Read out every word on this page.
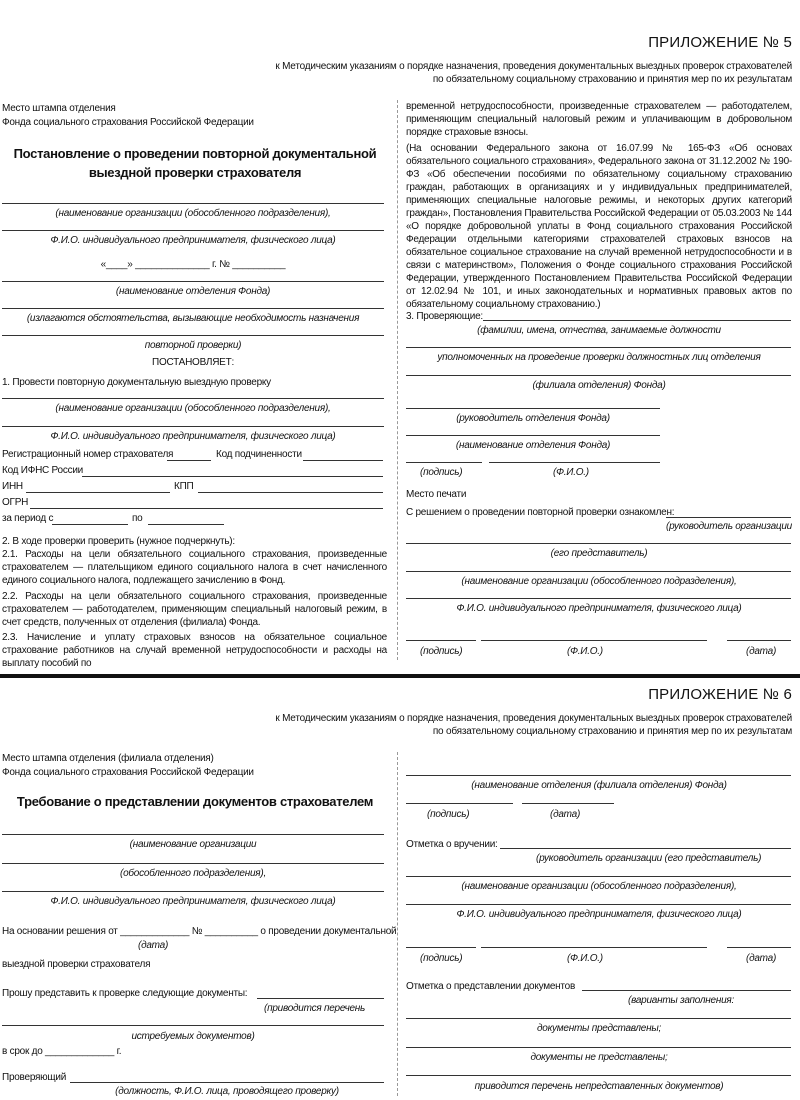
ПРИЛОЖЕНИЕ № 5
к Методическим указаниям о порядке назначения, проведения документальных выездных проверок страхователей
по обязательному социальному страхованию и принятия мер по их результатам
Место штампа отделения
Фонда социального страхования Российской Федерации
Постановление о проведении повторной документальной
выездной проверки страхователя
(наименование организации (обособленного подразделения),
Ф.И.О. индивидуального предпринимателя, физического лица)
«____» ______________ г. № __________
(наименование отделения Фонда)
(излагаются обстоятельства, вызывающие необходимость назначения
повторной проверки)
ПОСТАНОВЛЯЕТ:
1. Провести повторную документальную выездную проверку
(наименование организации (обособленного подразделения),
Ф.И.О. индивидуального предпринимателя, физического лица)
Регистрационный номер страхователя	Код подчиненности
Код ИФНС России
ИНН	КПП
ОГРН
за период с	по
2. В ходе проверки проверить (нужное подчеркнуть):
2.1. Расходы на цели обязательного социального страхования, произведенные страхователем — плательщиком единого социального налога в счет начисленного единого социального налога, подлежащего зачислению в Фонд.
2.2. Расходы на цели обязательного социального страхования, произведенные страхователем — работодателем, применяющим специальный налоговый режим, в счет средств, полученных от отделения (филиала) Фонда.
2.3. Начисление и уплату страховых взносов на обязательное социальное страхование работников на случай временной нетрудоспособности и расходы на выплату пособий по
временной нетрудоспособности, произведенные страхователем — работодателем, применяющим специальный налоговый режим и уплачивающим в добровольном порядке страховые взносы.
(На основании Федерального закона от 16.07.99 № 165-ФЗ «Об основах обязательного социального страхования», Федерального закона от 31.12.2002 № 190-ФЗ «Об обеспечении пособиями по обязательному социальному страхованию граждан, работающих в организациях и у индивидуальных предпринимателей, применяющих специальные налоговые режимы, и некоторых других категорий граждан», Постановления Правительства Российской Федерации от 05.03.2003 № 144 «О порядке добровольной уплаты в Фонд социального страхования Российской Федерации отдельными категориями страхователей страховых взносов на обязательное социальное страхование на случай временной нетрудоспособности и в связи с материнством», Положения о Фонде социального страхования Российской Федерации, утвержденного Постановлением Правительства Российской Федерации от 12.02.94 № 101, и иных законодательных и нормативных правовых актов по обязательному социальному страхованию.)
3. Проверяющие:
(фамилии, имена, отчества, занимаемые должности
уполномоченных на проведение проверки должностных лиц отделения
(филиала отделения) Фонда)
(руководитель отделения Фонда)
(наименование отделения Фонда)
(подпись)	(Ф.И.О.)
Место печати
С решением о проведении повторной проверки ознакомлен:
(руководитель организации
(его представитель)
(наименование организации (обособленного подразделения),
Ф.И.О. индивидуального предпринимателя, физического лица)
(подпись)	(Ф.И.О.)	(дата)
ПРИЛОЖЕНИЕ № 6
к Методическим указаниям о порядке назначения, проведения документальных выездных проверок страхователей
по обязательному социальному страхованию и принятия мер по их результатам
Место штампа отделения (филиала отделения)
Фонда социального страхования Российской Федерации
Требование о представлении документов страхователем
(наименование организации
(обособленного подразделения),
Ф.И.О. индивидуального предпринимателя, физического лица)
На основании решения от _____________ № __________ о проведении документальной
(дата)
выездной проверки страхователя
Прошу представить к проверке следующие документы:
(приводится перечень
истребуемых документов)
в срок до _____________ г.
Проверяющий
(должность, Ф.И.О. лица, проводящего проверку)
(наименование отделения (филиала отделения) Фонда)
(подпись)	(дата)
Отметка о вручении:
(руководитель организации (его представитель)
(наименование организации (обособленного подразделения),
Ф.И.О. индивидуального предпринимателя, физического лица)
(подпись)	(Ф.И.О.)	(дата)
Отметка о представлении документов
(варианты заполнения:
документы представлены;
документы не представлены;
приводится перечень непредставленных документов)
